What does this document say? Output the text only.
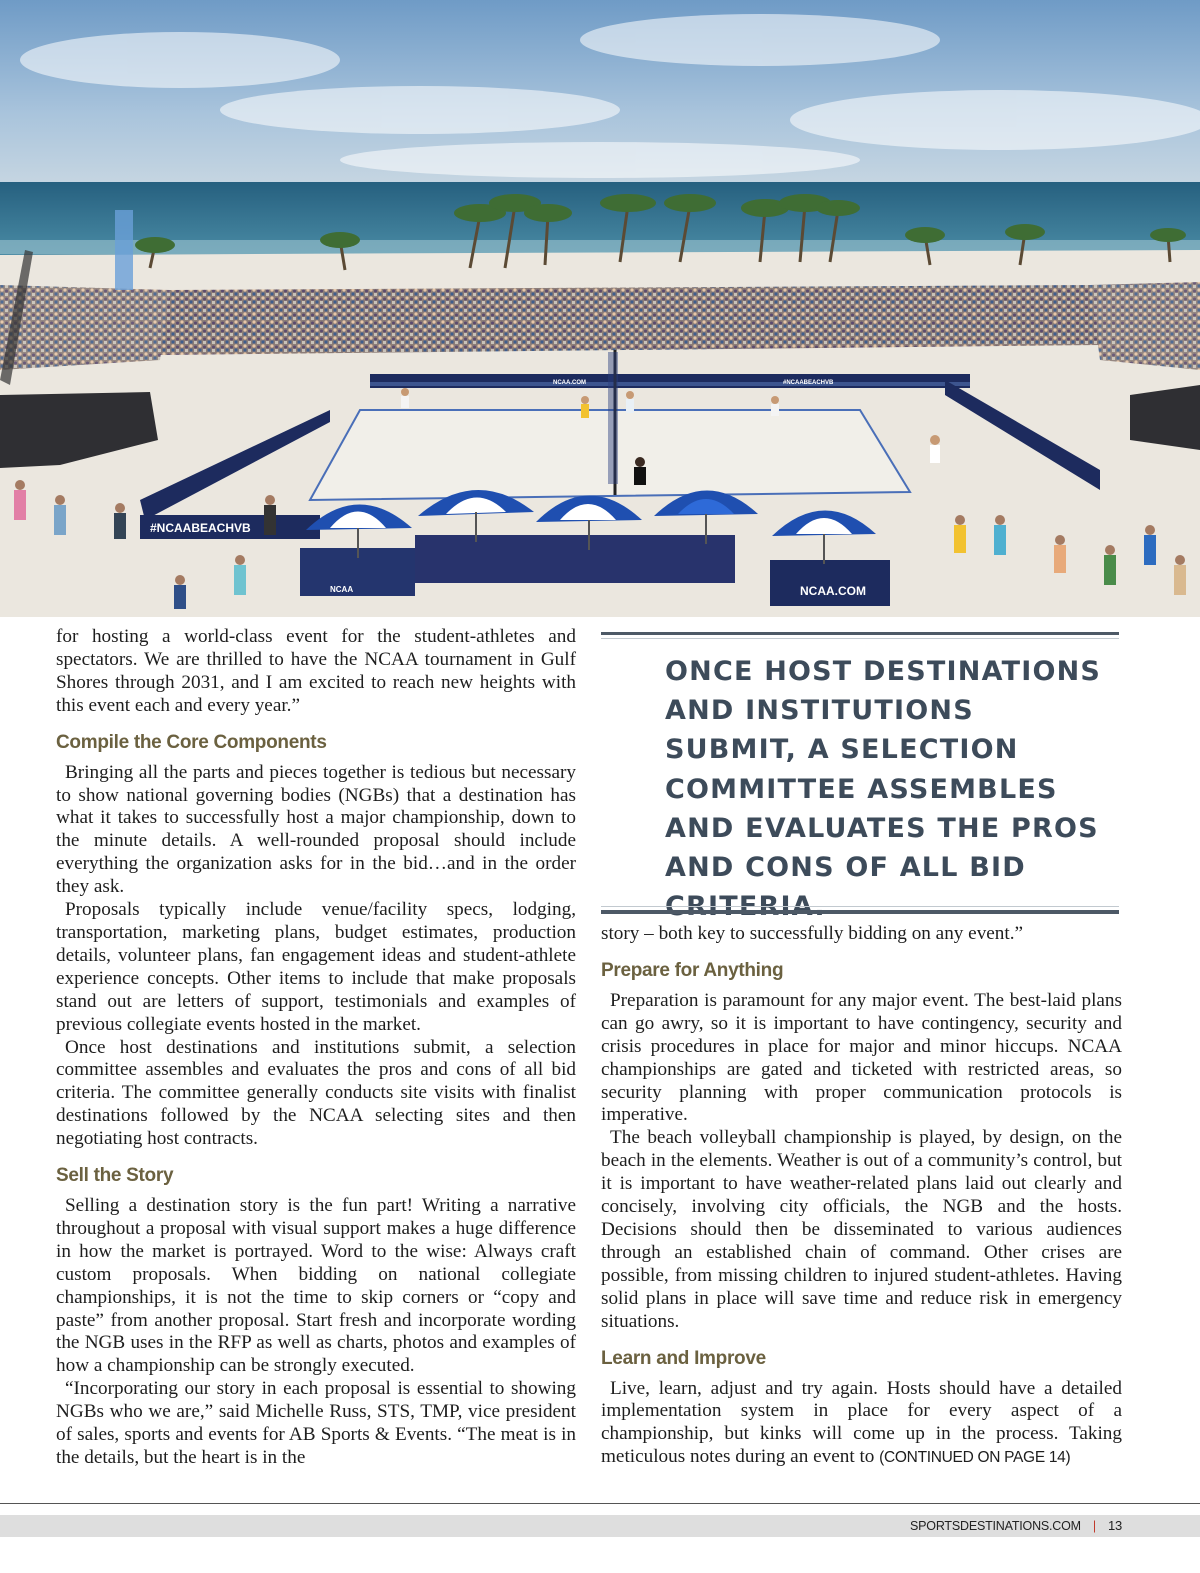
#NCAABEACHVB
NCAA	NCAA.COM
#NCAABEACHVB
NCAA.COM

for hosting a world-class event for the student-athletes and spectators. We are thrilled to have the NCAA tournament in Gulf Shores through 2031, and I am excited to reach new heights with this event each and every year.”

Compile the Core Components

Bringing all the parts and pieces together is tedious but necessary to show national governing bodies (NGBs) that a destination has what it takes to successfully host a major championship, down to the minute details. A well-rounded proposal should include everything the organization asks for in the bid…and in the order they ask.

Proposals typically include venue/facility specs, lodging, transportation, marketing plans, budget estimates, production details, volunteer plans, fan engagement ideas and student-athlete experience concepts. Other items to include that make proposals stand out are letters of support, testimonials and examples of previous collegiate events hosted in the market.

Once host destinations and institutions submit, a selection committee assembles and evaluates the pros and cons of all bid criteria. The committee generally conducts site visits with finalist destinations followed by the NCAA selecting sites and then negotiating host contracts.

Sell the Story

Selling a destination story is the fun part! Writing a narrative throughout a proposal with visual support makes a huge difference in how the market is portrayed. Word to the wise: Always craft custom proposals. When bidding on national collegiate championships, it is not the time to skip corners or “copy and paste” from another proposal. Start fresh and incorporate wording the NGB uses in the RFP as well as charts, photos and examples of how a championship can be strongly executed.

“Incorporating our story in each proposal is essential to showing NGBs who we are,” said Michelle Russ, STS, TMP, vice president of sales, sports and events for AB Sports & Events. “The meat is in the details, but the heart is in the

ONCE HOST DESTINATIONS AND INSTITUTIONS SUBMIT, A SELECTION COMMITTEE ASSEMBLES AND EVALUATES THE PROS AND CONS OF ALL BID

story – both key to successfully bidding on any event.”

Prepare for Anything

Preparation is paramount for any major event. The best-laid plans can go awry, so it is important to have contingency, security and crisis procedures in place for major and minor hiccups. NCAA championships are gated and ticketed with restricted areas, so security planning with proper communication protocols is imperative.

The beach volleyball championship is played, by design, on the beach in the elements. Weather is out of a community’s control, but it is important to have weather-related plans laid out clearly and concisely, involving city officials, the NGB and the hosts. Decisions should then be disseminated to various audiences through an established chain of command. Other crises are possible, from missing children to injured student-athletes. Having solid plans in place will save time and reduce risk in emergency situations.

Learn and Improve

Live, learn, adjust and try again. Hosts should have a detailed implementation system in place for every aspect of a championship, but kinks will come up in the process. Taking meticulous notes during an event to (CONTINUED ON PAGE 14)

SPORTSDESTINATIONS.COM | 13
